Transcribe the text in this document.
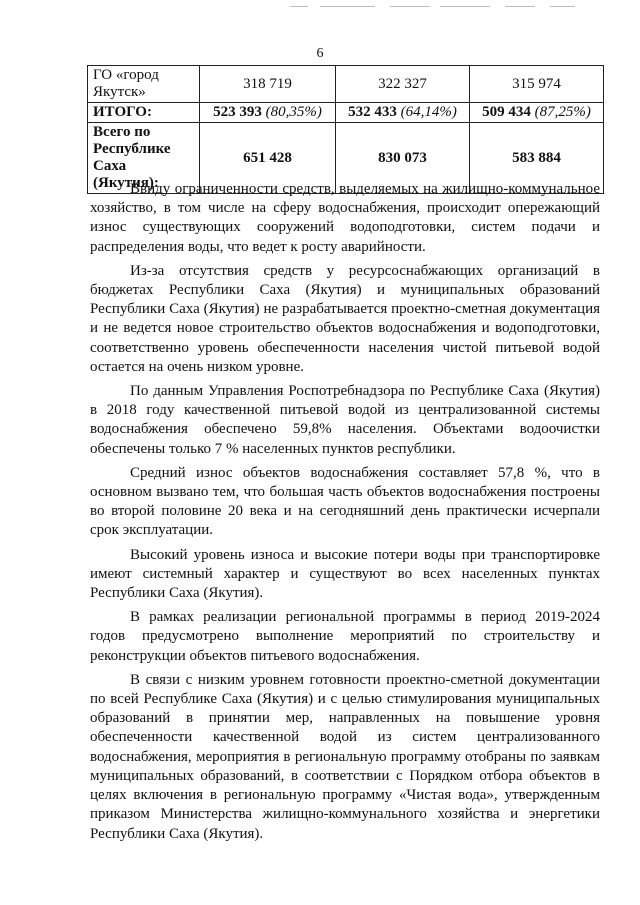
6
ГО «город Якутск»	318 719	322 327	315 974
ИТОГО:	523 393 (80,35%)	532 433 (64,14%)	509 434 (87,25%)
Всего по Республике Саха (Якутия):	651 428	830 073	583 884

Ввиду ограниченности средств, выделяемых на жилищно-коммунальное хозяйство, в том числе на сферу водоснабжения, происходит опережающий износ существующих сооружений водоподготовки, систем подачи и распределения воды, что ведет к росту аварийности.

Из-за отсутствия средств у ресурсоснабжающих организаций в бюджетах Республики Саха (Якутия) и муниципальных образований Республики Саха (Якутия) не разрабатывается проектно-сметная документация и не ведется новое строительство объектов водоснабжения и водоподготовки, соответственно уровень обеспеченности населения чистой питьевой водой остается на очень низком уровне.

По данным Управления Роспотребнадзора по Республике Саха (Якутия) в 2018 году качественной питьевой водой из централизованной системы водоснабжения обеспечено 59,8% населения. Объектами водоочистки обеспечены только 7 % населенных пунктов республики.

Средний износ объектов водоснабжения составляет 57,8 %, что в основном вызвано тем, что большая часть объектов водоснабжения построены во второй половине 20 века и на сегодняшний день практически исчерпали срок эксплуатации.

Высокий уровень износа и высокие потери воды при транспортировке имеют системный характер и существуют во всех населенных пунктах Республики Саха (Якутия).

В рамках реализации региональной программы в период 2019-2024 годов предусмотрено выполнение мероприятий по строительству и реконструкции объектов питьевого водоснабжения.

В связи с низким уровнем готовности проектно-сметной документации по всей Республике Саха (Якутия) и с целью стимулирования муниципальных образований в принятии мер, направленных на повышение уровня обеспеченности качественной водой из систем централизованного водоснабжения, мероприятия в региональную программу отобраны по заявкам муниципальных образований, в соответствии с Порядком отбора объектов в целях включения в региональную программу «Чистая вода», утвержденным приказом Министерства жилищно-коммунального хозяйства и энергетики Республики Саха (Якутия).
